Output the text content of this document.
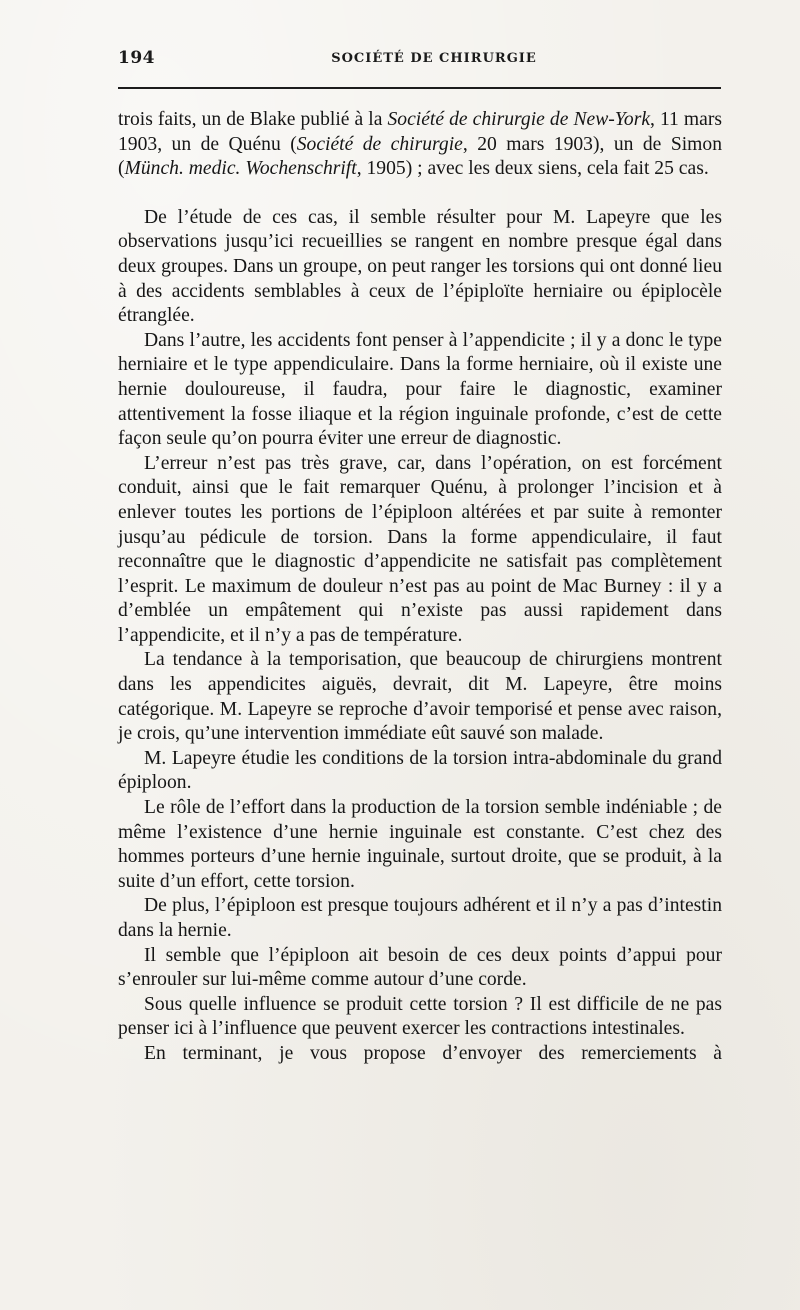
194	SOCIÉTÉ DE CHIRURGIE

trois faits, un de Blake publié à la Société de chirurgie de New-York, 11 mars 1903, un de Quénu (Société de chirurgie, 20 mars 1903), un de Simon (Münch. medic. Wochenschrift, 1905) ; avec les deux siens, cela fait 25 cas.

De l’étude de ces cas, il semble résulter pour M. Lapeyre que les observations jusqu’ici recueillies se rangent en nombre presque égal dans deux groupes. Dans un groupe, on peut ranger les torsions qui ont donné lieu à des accidents semblables à ceux de l’épiploïte herniaire ou épiplocèle étranglée.

Dans l’autre, les accidents font penser à l’appendicite ; il y a donc le type herniaire et le type appendiculaire. Dans la forme herniaire, où il existe une hernie douloureuse, il faudra, pour faire le diagnostic, examiner attentivement la fosse iliaque et la région inguinale profonde, c’est de cette façon seule qu’on pourra éviter une erreur de diagnostic.

L’erreur n’est pas très grave, car, dans l’opération, on est forcément conduit, ainsi que le fait remarquer Quénu, à prolonger l’incision et à enlever toutes les portions de l’épiploon altérées et par suite à remonter jusqu’au pédicule de torsion. Dans la forme appendiculaire, il faut reconnaître que le diagnostic d’appendicite ne satisfait pas complètement l’esprit. Le maximum de douleur n’est pas au point de Mac Burney : il y a d’emblée un empâtement qui n’existe pas aussi rapidement dans l’appendicite, et il n’y a pas de température.

La tendance à la temporisation, que beaucoup de chirurgiens montrent dans les appendicites aiguës, devrait, dit M. Lapeyre, être moins catégorique. M. Lapeyre se reproche d’avoir temporisé et pense avec raison, je crois, qu’une intervention immédiate eût sauvé son malade.

M. Lapeyre étudie les conditions de la torsion intra-abdominale du grand épiploon.

Le rôle de l’effort dans la production de la torsion semble indéniable ; de même l’existence d’une hernie inguinale est constante. C’est chez des hommes porteurs d’une hernie inguinale, surtout droite, que se produit, à la suite d’un effort, cette torsion.

De plus, l’épiploon est presque toujours adhérent et il n’y a pas d’intestin dans la hernie.

Il semble que l’épiploon ait besoin de ces deux points d’appui pour s’enrouler sur lui-même comme autour d’une corde.

Sous quelle influence se produit cette torsion ? Il est difficile de ne pas penser ici à l’influence que peuvent exercer les contractions intestinales.

En terminant, je vous propose d’envoyer des remerciements à
